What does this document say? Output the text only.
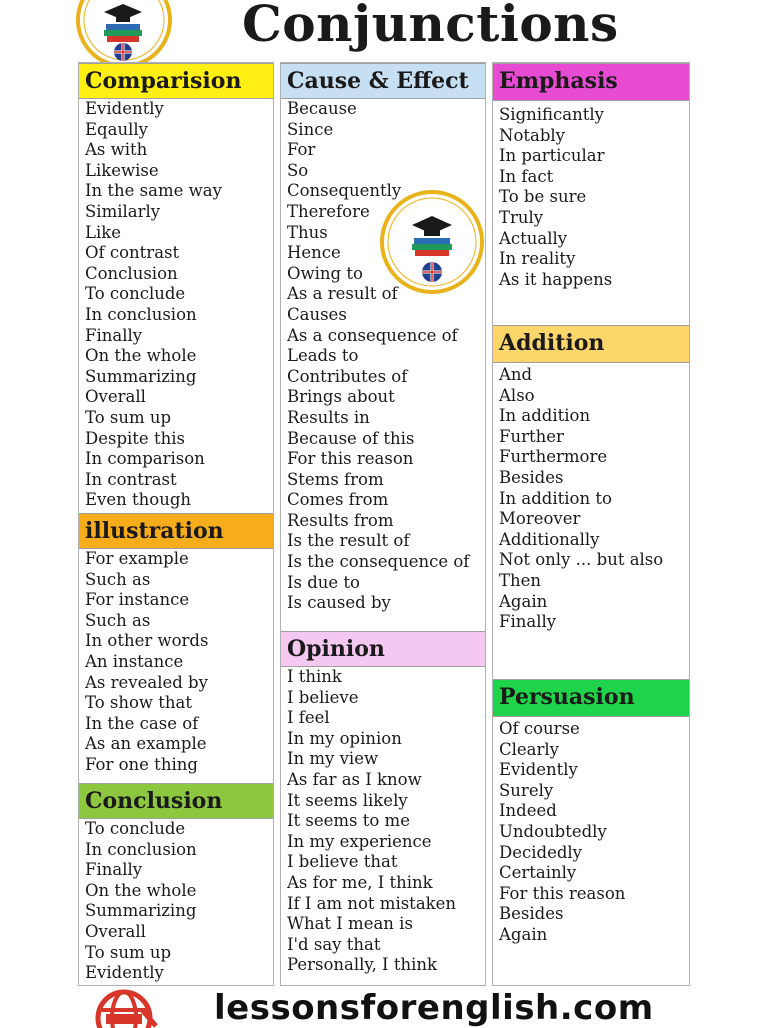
Conjunctions
Comparision
Evidently
Eqaully
As with
Likewise
In the same way
Similarly
Like
Of contrast
Conclusion
To conclude
In conclusion
Finally
On the whole
Summarizing
Overall
To sum up
Despite this
In comparison
In contrast
Even though
illustration
For example
Such as
For instance
Such as
In other words
An instance
As revealed by
To show that
In the case of
As an example
For one thing
Conclusion
To conclude
In conclusion
Finally
On the whole
Summarizing
Overall
To sum up
Evidently
Cause & Effect
Because
Since
For
So
Consequently
Therefore
Thus
Hence
Owing to
As a result of
Causes
As a consequence of
Leads to
Contributes of
Brings about
Results in
Because of this
For this reason
Stems from
Comes from
Results from
Is the result of
Is the consequence of
Is due to
Is caused by
Opinion
I think
I believe
I feel
In my opinion
In my view
As far as I know
It seems likely
It seems to me
In my experience
I believe that
As for me, I think
If I am not mistaken
What I mean is
I'd say that
Personally, I think
Emphasis
Significantly
Notably
In particular
In fact
To be sure
Truly
Actually
In reality
As it happens
Addition
And
Also
In addition
Further
Furthermore
Besides
In addition to
Moreover
Additionally
Not only ... but also
Then
Again
Finally
Persuasion
Of course
Clearly
Evidently
Surely
Indeed
Undoubtedly
Decidedly
Certainly
For this reason
Besides
Again
lessonsforenglish.com
